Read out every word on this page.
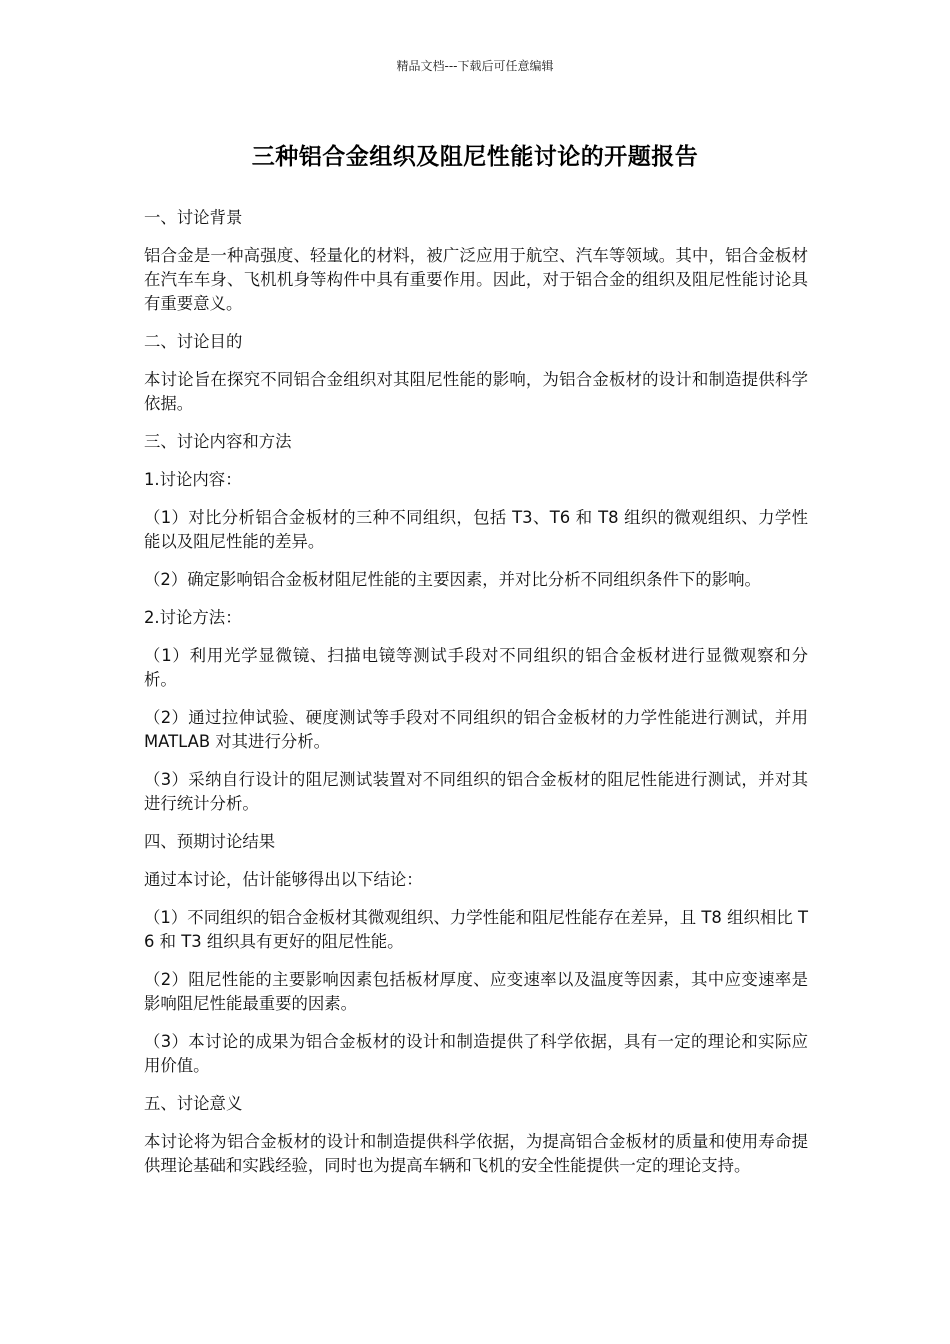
精品文档---下载后可任意编辑
三种铝合金组织及阻尼性能讨论的开题报告

一、讨论背景

铝合金是一种高强度、轻量化的材料，被广泛应用于航空、汽车等领域。其中，铝合金板材在汽车车身、飞机机身等构件中具有重要作用。因此，对于铝合金的组织及阻尼性能讨论具有重要意义。

二、讨论目的

本讨论旨在探究不同铝合金组织对其阻尼性能的影响，为铝合金板材的设计和制造提供科学依据。

三、讨论内容和方法

1.讨论内容：

（1）对比分析铝合金板材的三种不同组织，包括 T3、T6 和 T8 组织的微观组织、力学性能以及阻尼性能的差异。

（2）确定影响铝合金板材阻尼性能的主要因素，并对比分析不同组织条件下的影响。

2.讨论方法：

（1）利用光学显微镜、扫描电镜等测试手段对不同组织的铝合金板材进行显微观察和分析。

（2）通过拉伸试验、硬度测试等手段对不同组织的铝合金板材的力学性能进行测试，并用 MATLAB 对其进行分析。

（3）采纳自行设计的阻尼测试装置对不同组织的铝合金板材的阻尼性能进行测试，并对其进行统计分析。

四、预期讨论结果

通过本讨论，估计能够得出以下结论：

（1）不同组织的铝合金板材其微观组织、力学性能和阻尼性能存在差异，且 T8 组织相比 T6 和 T3 组织具有更好的阻尼性能。

（2）阻尼性能的主要影响因素包括板材厚度、应变速率以及温度等因素，其中应变速率是影响阻尼性能最重要的因素。

（3）本讨论的成果为铝合金板材的设计和制造提供了科学依据，具有一定的理论和实际应用价值。

五、讨论意义

本讨论将为铝合金板材的设计和制造提供科学依据，为提高铝合金板材的质量和使用寿命提供理论基础和实践经验，同时也为提高车辆和飞机的安全性能提供一定的理论支持。
